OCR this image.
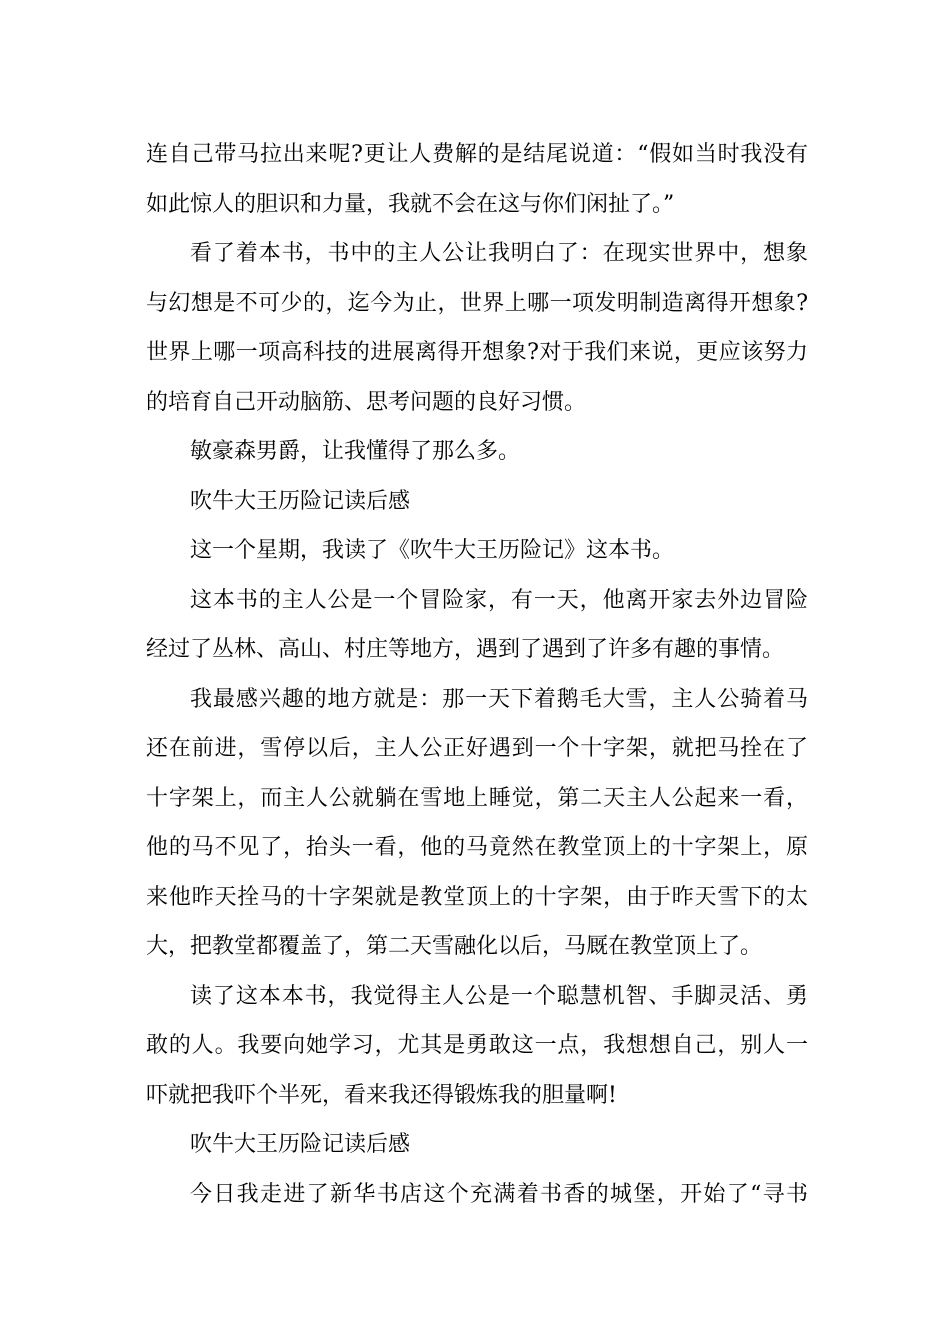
连自己带马拉出来呢?更让人费解的是结尾说道：“假如当时我没有
如此惊人的胆识和力量，我就不会在这与你们闲扯了。”
看了着本书，书中的主人公让我明白了：在现实世界中，想象
与幻想是不可少的，迄今为止，世界上哪一项发明制造离得开想象?
世界上哪一项高科技的进展离得开想象?对于我们来说，更应该努力
的培育自己开动脑筋、思考问题的良好习惯。
敏豪森男爵，让我懂得了那么多。
吹牛大王历险记读后感
这一个星期，我读了《吹牛大王历险记》这本书。
这本书的主人公是一个冒险家，有一天，他离开家去外边冒险
经过了丛林、高山、村庄等地方，遇到了遇到了许多有趣的事情。
我最感兴趣的地方就是：那一天下着鹅毛大雪，主人公骑着马
还在前进，雪停以后，主人公正好遇到一个十字架，就把马拴在了
十字架上，而主人公就躺在雪地上睡觉，第二天主人公起来一看，
他的马不见了，抬头一看，他的马竟然在教堂顶上的十字架上，原
来他昨天拴马的十字架就是教堂顶上的十字架，由于昨天雪下的太
大，把教堂都覆盖了，第二天雪融化以后，马厩在教堂顶上了。
读了这本本书，我觉得主人公是一个聪慧机智、手脚灵活、勇
敢的人。我要向她学习，尤其是勇敢这一点，我想想自己，别人一
吓就把我吓个半死，看来我还得锻炼我的胆量啊!
吹牛大王历险记读后感
今日我走进了新华书店这个充满着书香的城堡，开始了“寻书
